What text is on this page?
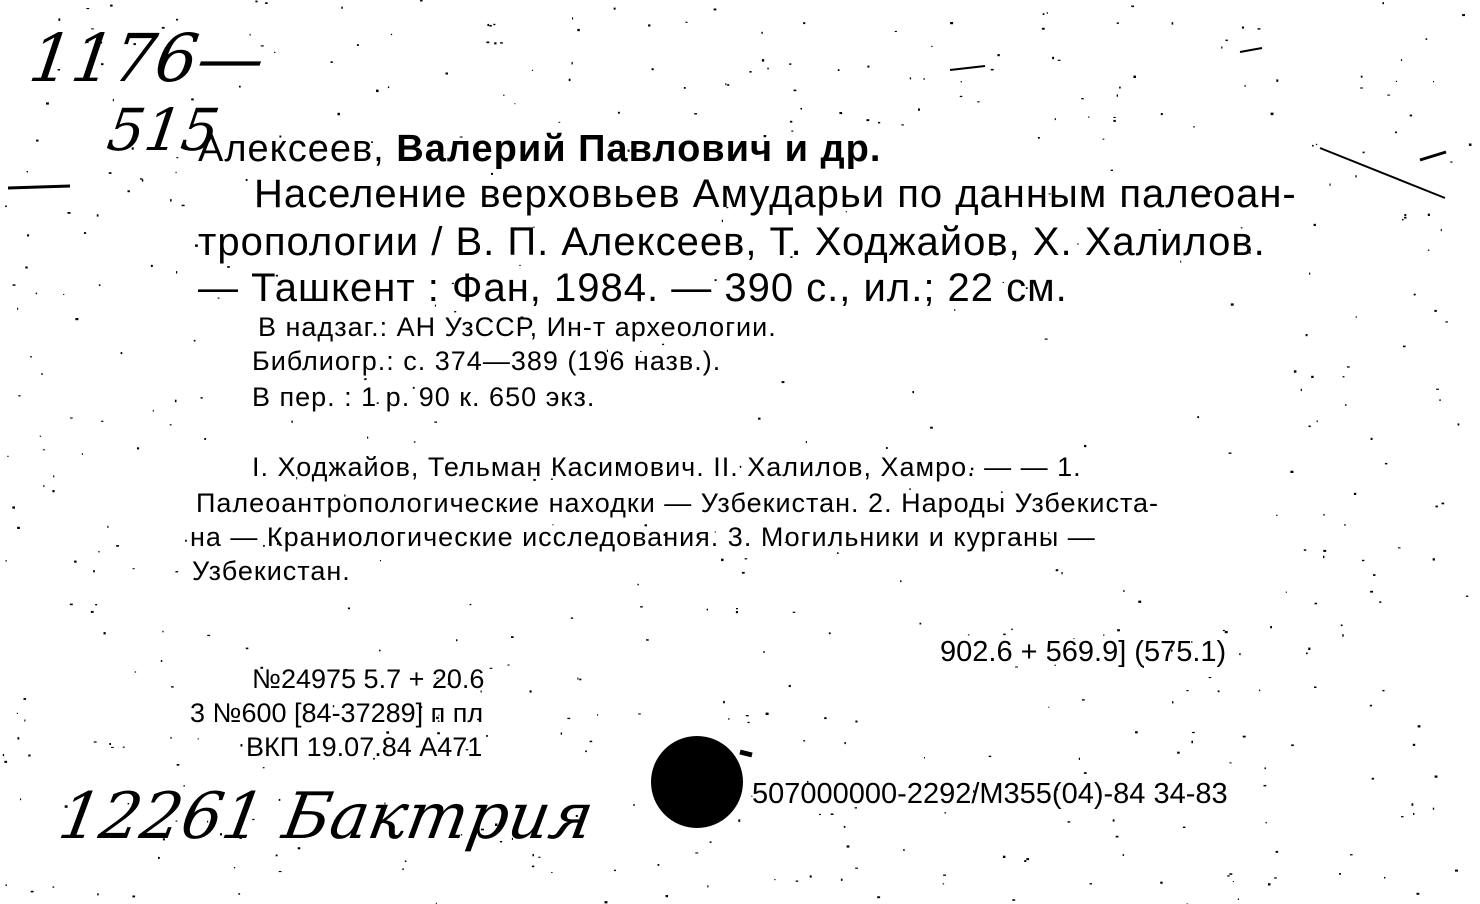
1176—
515
Алексеев, Валерий Павлович и др.
Население верховьев Амударьи по данным палеоан-
тропологии / В. П. Алексеев, Т. Ходжайов, Х. Халилов.
— Ташкент : Фан, 1984. — 390 с., ил.; 22 см.
В надзаг.: АН УзССР, Ин-т археологии.
Библиогр.: с. 374—389 (196 назв.).
В пер. : 1 р. 90 к. 650 экз.
I. Ходжайов, Тельман Касимович. II. Халилов, Хамро. — — 1.
Палеоантропологические находки — Узбекистан. 2. Народы Узбекиста-
на — Краниологические исследования. 3. Могильники и курганы —
Узбекистан.
902.6 + 569.9] (575.1)
№24975 5.7 + 20.6
3 №600 [84-37289] п пл
ВКП 19.07.84 А471
507000000-2292/М355(04)-84 34-83
12261 Бактрия
